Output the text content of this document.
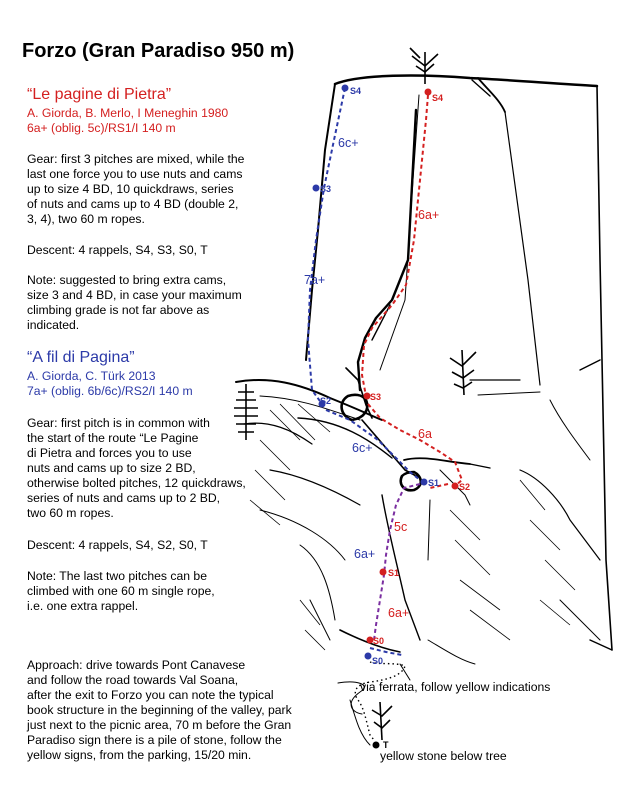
S4
S4
S3
S3
S2
S1 S2
S1
S0
S0
T
6c+
6a+
7a+
6a
6c+
5c
6a+
6a+
via ferrata, follow yellow indications
yellow stone below tree
Forzo (Gran Paradiso 950 m)
“Le pagine di Pietra”
A. Giorda, B. Merlo, I Meneghin 1980
6a+ (oblig. 5c)/RS1/I 140 m
Gear: first 3 pitches are mixed, while the
last one force you to use nuts and cams
up to size 4 BD, 10 quickdraws, series
of nuts and cams up to 4 BD (double 2,
3, 4), two 60 m ropes.
Descent: 4 rappels, S4, S3, S0, T
Note: suggested to bring extra cams,
size 3 and 4 BD, in case your maximum
climbing grade is not far above as
indicated.
“A fil di Pagina”
A. Giorda, C. Türk 2013
7a+ (oblig. 6b/6c)/RS2/I 140 m
Gear: first pitch is in common with
the start of the route “Le Pagine
di Pietra and forces you to use
nuts and cams up to size 2 BD,
otherwise bolted pitches, 12 quickdraws,
series of nuts and cams up to 2 BD,
two 60 m ropes.
Descent: 4 rappels, S4, S2, S0, T
Note: The last two pitches can be
climbed with one 60 m single rope,
i.e. one extra rappel.
Approach: drive towards Pont Canavese
and follow the road towards Val Soana,
after the exit to Forzo you can note the typical
book structure in the beginning of the valley, park
just next to the picnic area, 70 m before the Gran
Paradiso sign there is a pile of stone, follow the
yellow signs, from the parking, 15/20 min.
